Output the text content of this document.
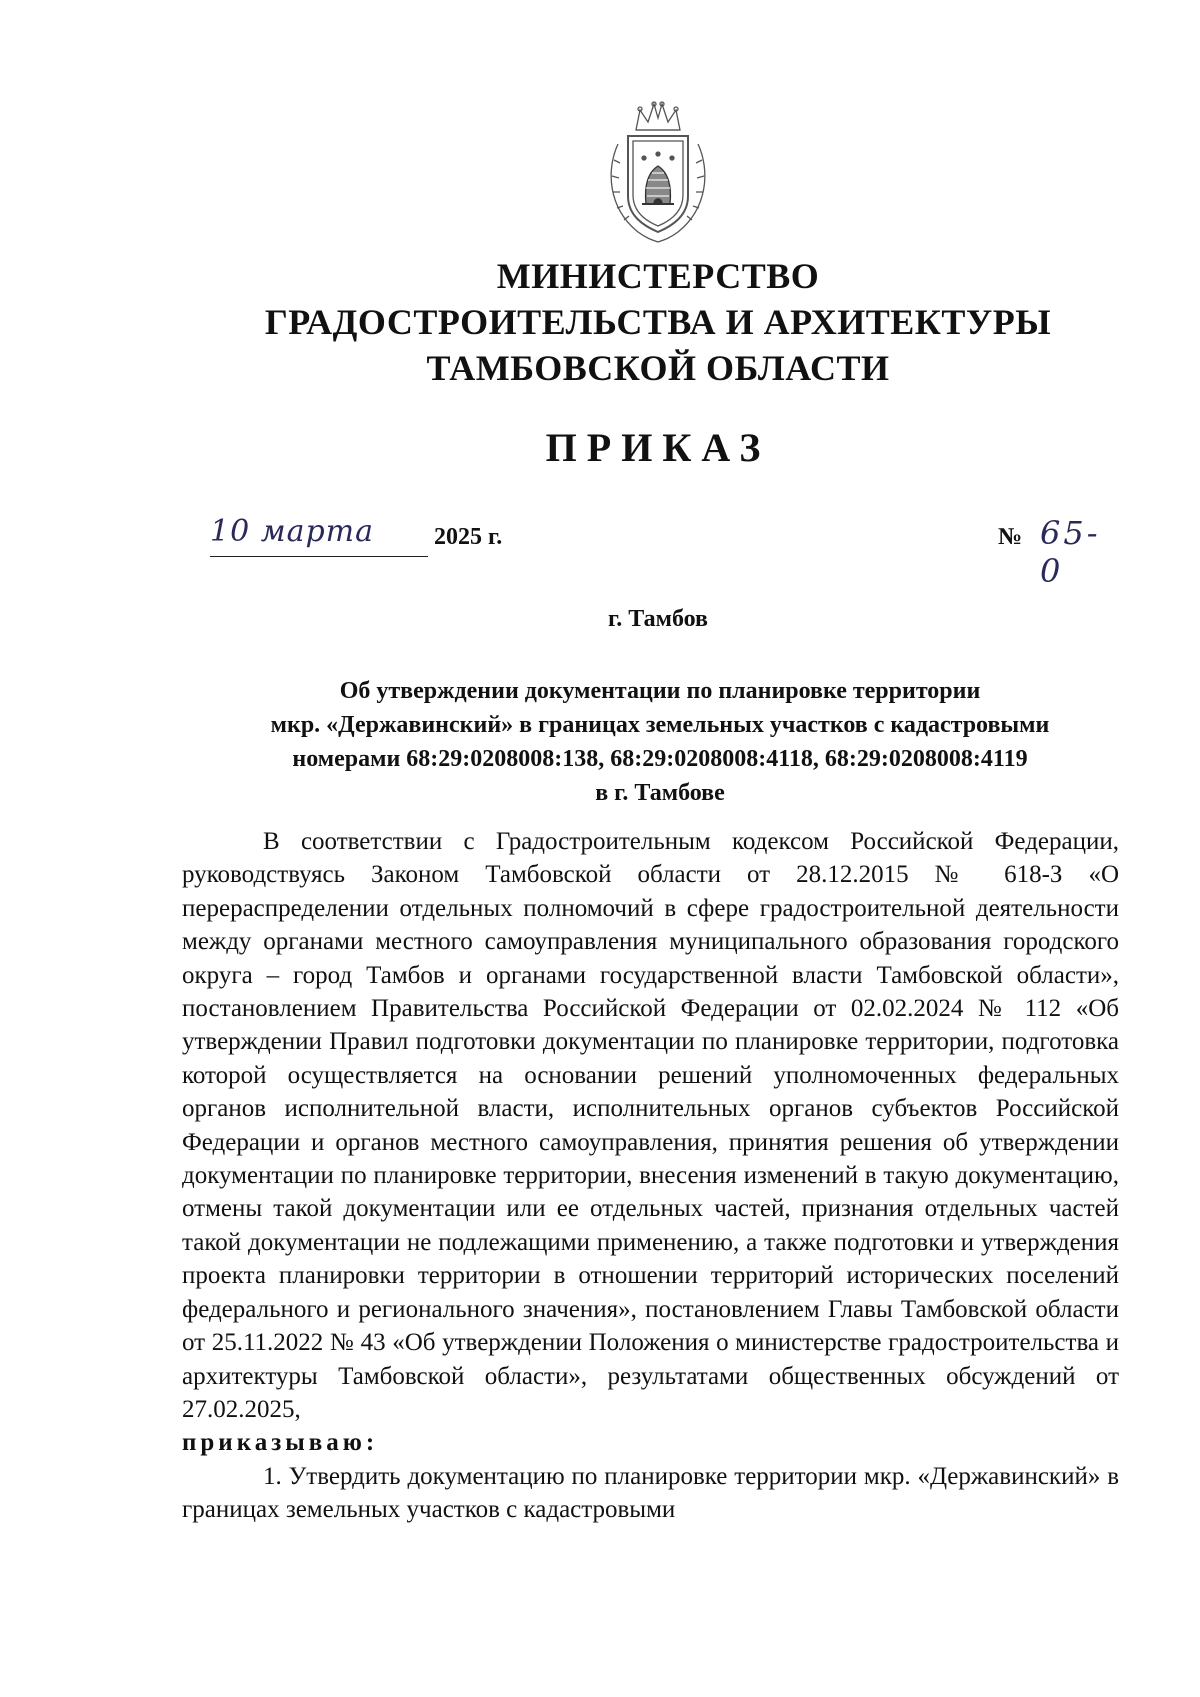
МИНИСТЕРСТВО
ГРАДОСТРОИТЕЛЬСТВА И АРХИТЕКТУРЫ
ТАМБОВСКОЙ ОБЛАСТИ
ПРИКАЗ
10 марта	2025 г.	№ 65-0
г. Тамбов
Об утверждении документации по планировке территории
мкр. «Державинский» в границах земельных участков с кадастровыми
номерами 68:29:0208008:138, 68:29:0208008:4118, 68:29:0208008:4119
в г. Тамбове

В соответствии с Градостроительным кодексом Российской Федерации, руководствуясь Законом Тамбовской области от 28.12.2015 № 618-З «О перераспределении отдельных полномочий в сфере градостроительной деятельности между органами местного самоуправления муниципального образования городского округа – город Тамбов и органами государственной власти Тамбовской области», постановлением Правительства Российской Федерации от 02.02.2024 № 112 «Об утверждении Правил подготовки документации по планировке территории, подготовка которой осуществляется на основании решений уполномоченных федеральных органов исполнительной власти, исполнительных органов субъектов Российской Федерации и органов местного самоуправления, принятия решения об утверждении документации по планировке территории, внесения изменений в такую документацию, отмены такой документации или ее отдельных частей, признания отдельных частей такой документации не подлежащими применению, а также подготовки и утверждения проекта планировки территории в отношении территорий исторических поселений федерального и регионального значения», постановлением Главы Тамбовской области от 25.11.2022 № 43 «Об утверждении Положения о министерстве градостроительства и архитектуры Тамбовской области», результатами общественных обсуждений от 27.02.2025,

приказываю:

1. Утвердить документацию по планировке территории мкр. «Державинский» в границах земельных участков с кадастровыми
